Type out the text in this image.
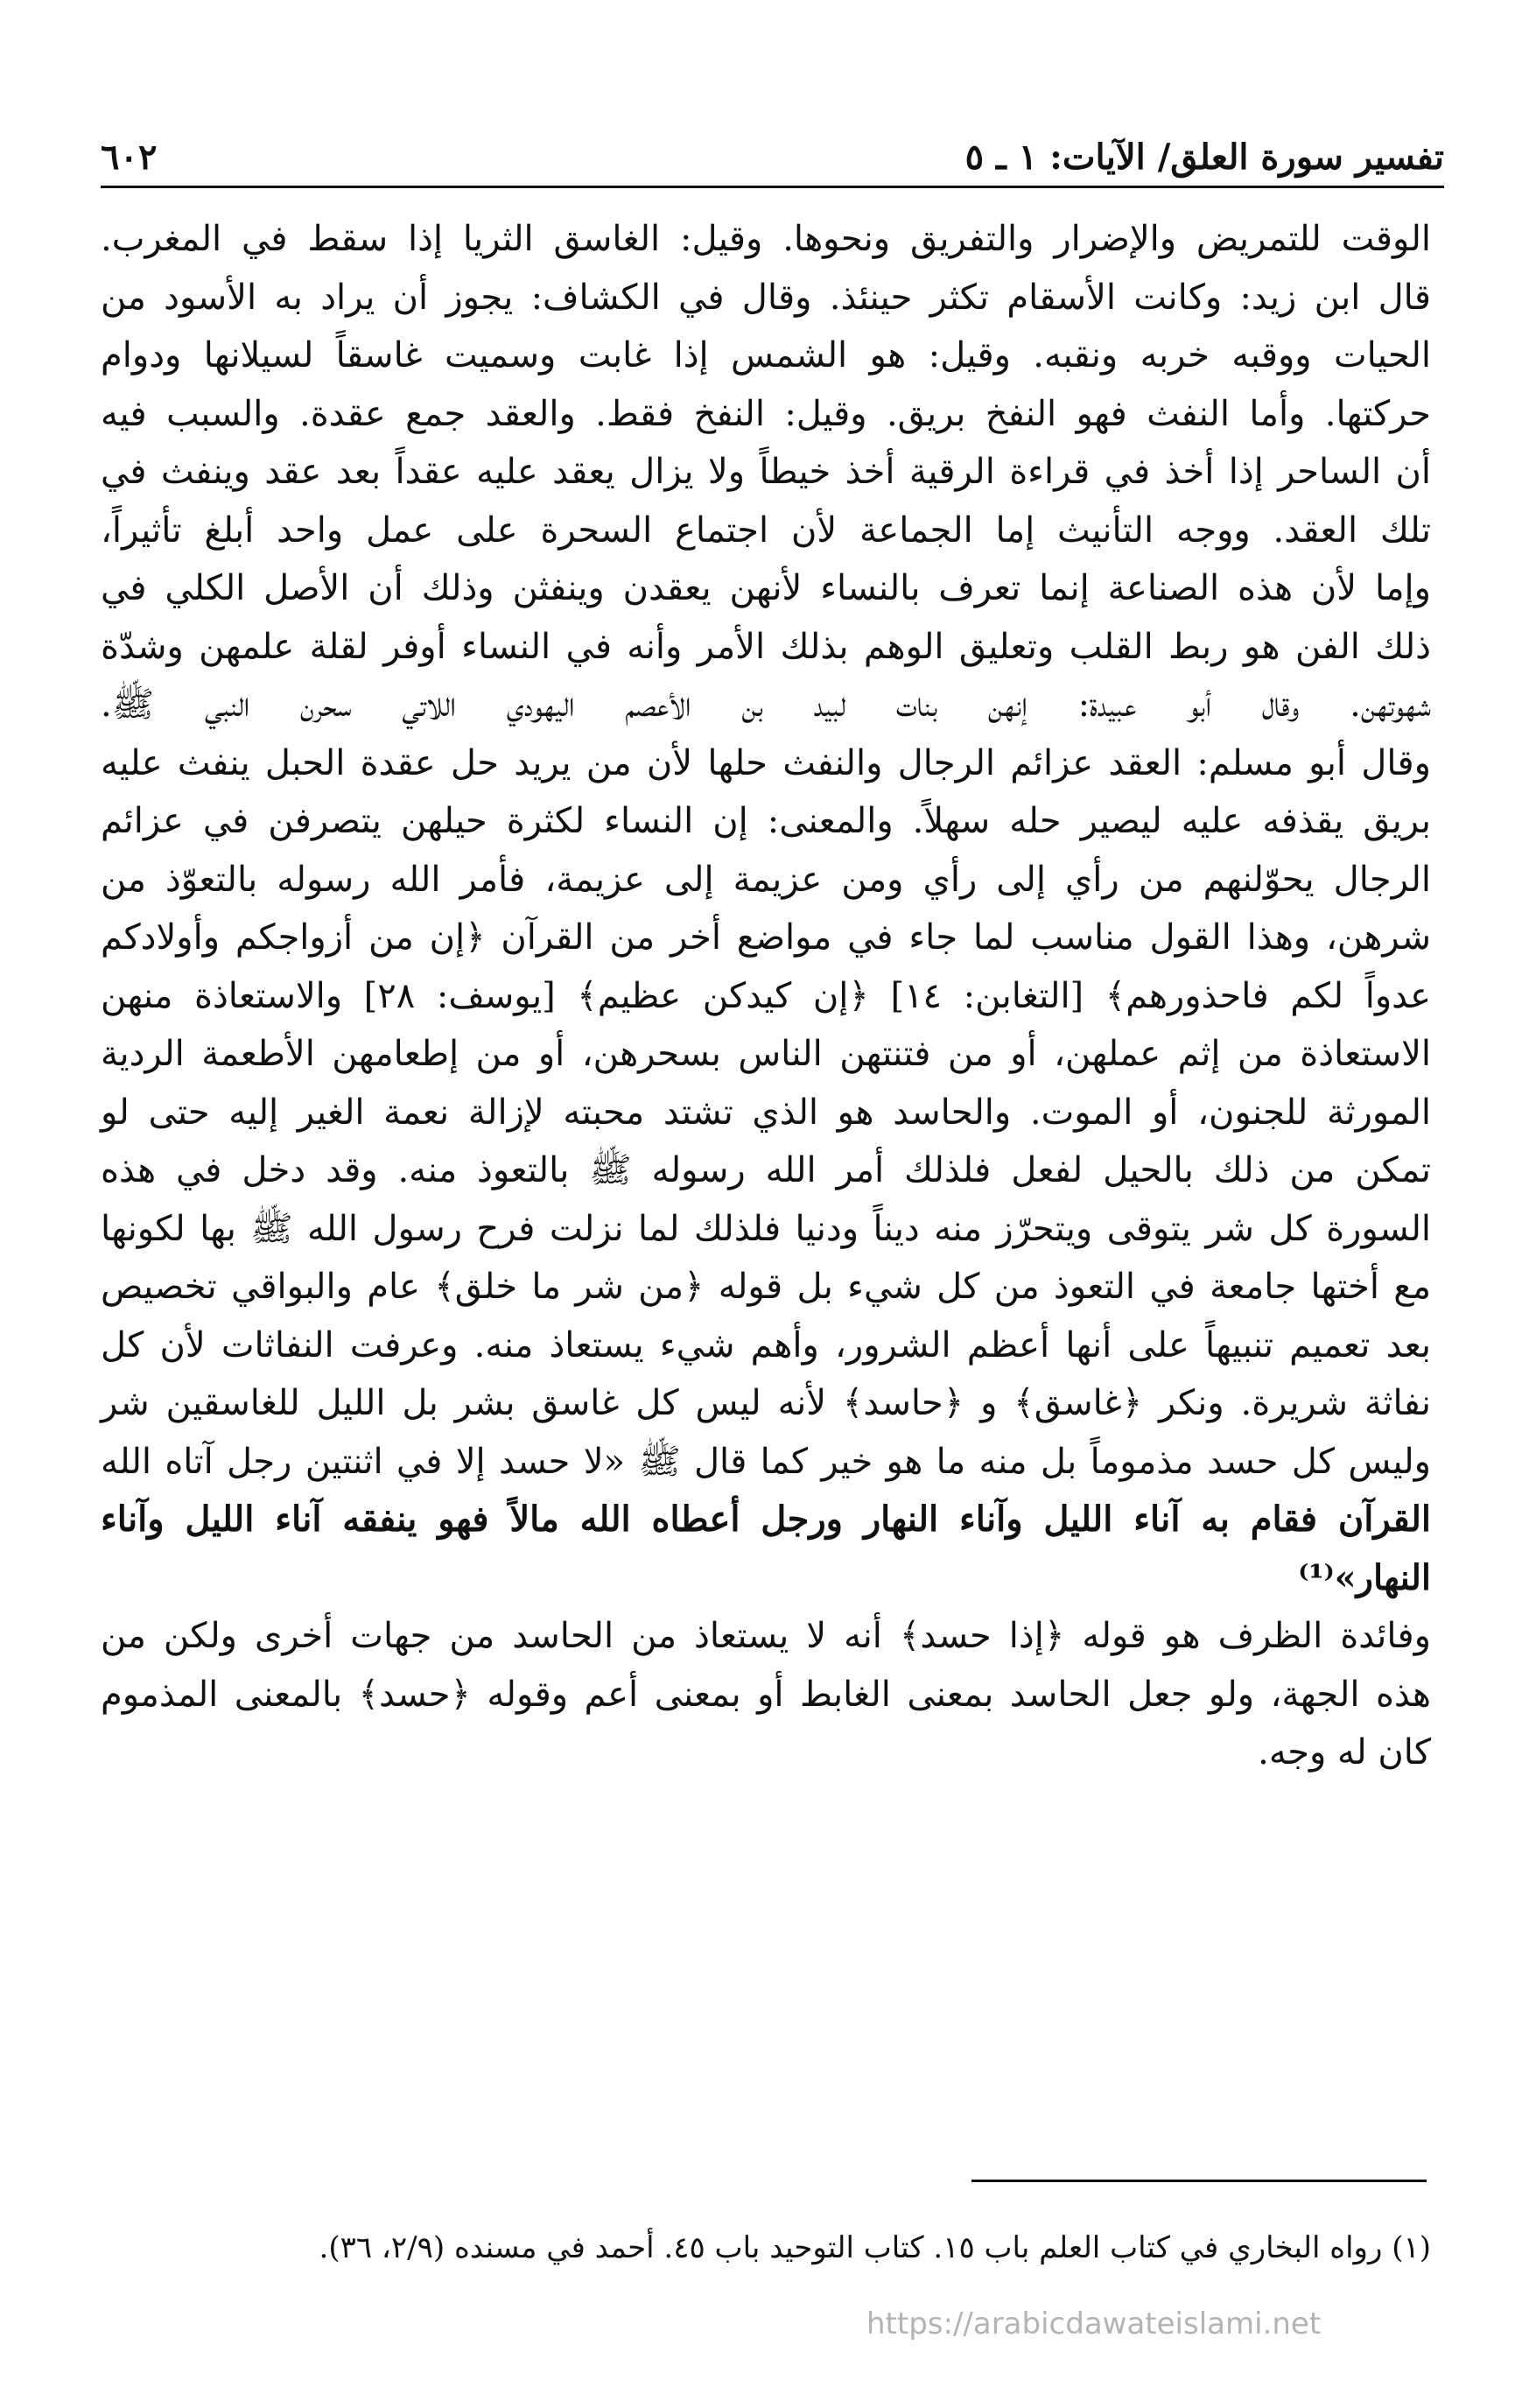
تفسير سورة العلق/ الآيات: ١ ـ ٥
٦٠٢

الوقت للتمريض والإضرار والتفريق ونحوها. وقيل: الغاسق الثريا إذا سقط في المغرب.

قال ابن زيد: وكانت الأسقام تكثر حينئذ. وقال في الكشاف: يجوز أن يراد به الأسود من

الحيات ووقبه خربه ونقبه. وقيل: هو الشمس إذا غابت وسميت غاسقاً لسيلانها ودوام

حركتها. وأما النفث فهو النفخ بريق. وقيل: النفخ فقط. والعقد جمع عقدة. والسبب فيه

أن الساحر إذا أخذ في قراءة الرقية أخذ خيطاً ولا يزال يعقد عليه عقداً بعد عقد وينفث في

تلك العقد. ووجه التأنيث إما الجماعة لأن اجتماع السحرة على عمل واحد أبلغ تأثيراً،

وإما لأن هذه الصناعة إنما تعرف بالنساء لأنهن يعقدن وينفثن وذلك أن الأصل الكلي في

ذلك الفن هو ربط القلب وتعليق الوهم بذلك الأمر وأنه في النساء أوفر لقلة علمهن وشدّة

شهوتهن. وقال أبو عبيدة: إنهن بنات لبيد بن الأعصم اليهودي اللاتي سحرن النبي ﷺ.

وقال أبو مسلم: العقد عزائم الرجال والنفث حلها لأن من يريد حل عقدة الحبل ينفث عليه

بريق يقذفه عليه ليصير حله سهلاً. والمعنى: إن النساء لكثرة حيلهن يتصرفن في عزائم

الرجال يحوّلنهم من رأي إلى رأي ومن عزيمة إلى عزيمة، فأمر الله رسوله بالتعوّذ من

شرهن، وهذا القول مناسب لما جاء في مواضع أخر من القرآن ﴿إن من أزواجكم وأولادكم

عدواً لكم فاحذورهم﴾ [التغابن: ١٤] ﴿إن كيدكن عظيم﴾ [يوسف: ٢٨] والاستعاذة منهن

الاستعاذة من إثم عملهن، أو من فتنتهن الناس بسحرهن، أو من إطعامهن الأطعمة الردية

المورثة للجنون، أو الموت. والحاسد هو الذي تشتد محبته لإزالة نعمة الغير إليه حتى لو

تمكن من ذلك بالحيل لفعل فلذلك أمر الله رسوله ﷺ بالتعوذ منه. وقد دخل في هذه

السورة كل شر يتوقى ويتحرّز منه ديناً ودنيا فلذلك لما نزلت فرح رسول الله ﷺ بها لكونها

مع أختها جامعة في التعوذ من كل شيء بل قوله ﴿من شر ما خلق﴾ عام والبواقي تخصيص

بعد تعميم تنبيهاً على أنها أعظم الشرور، وأهم شيء يستعاذ منه. وعرفت النفاثات لأن كل

نفاثة شريرة. ونكر ﴿غاسق﴾ و ﴿حاسد﴾ لأنه ليس كل غاسق بشر بل الليل للغاسقين شر

وليس كل حسد مذموماً بل منه ما هو خير كما قال ﷺ «لا حسد إلا في اثنتين رجل آتاه الله

القرآن فقام به آناء الليل وآناء النهار ورجل أعطاه الله مالاً فهو ينفقه آناء الليل وآناء النهار»⁽¹⁾

وفائدة الظرف هو قوله ﴿إذا حسد﴾ أنه لا يستعاذ من الحاسد من جهات أخرى ولكن من

هذه الجهة، ولو جعل الحاسد بمعنى الغابط أو بمعنى أعم وقوله ﴿حسد﴾ بالمعنى المذموم

كان له وجه.

(١) رواه البخاري في كتاب العلم باب ١٥. كتاب التوحيد باب ٤٥. أحمد في مسنده (٢/٩، ٣٦).
https://arabicdawateislami.net
